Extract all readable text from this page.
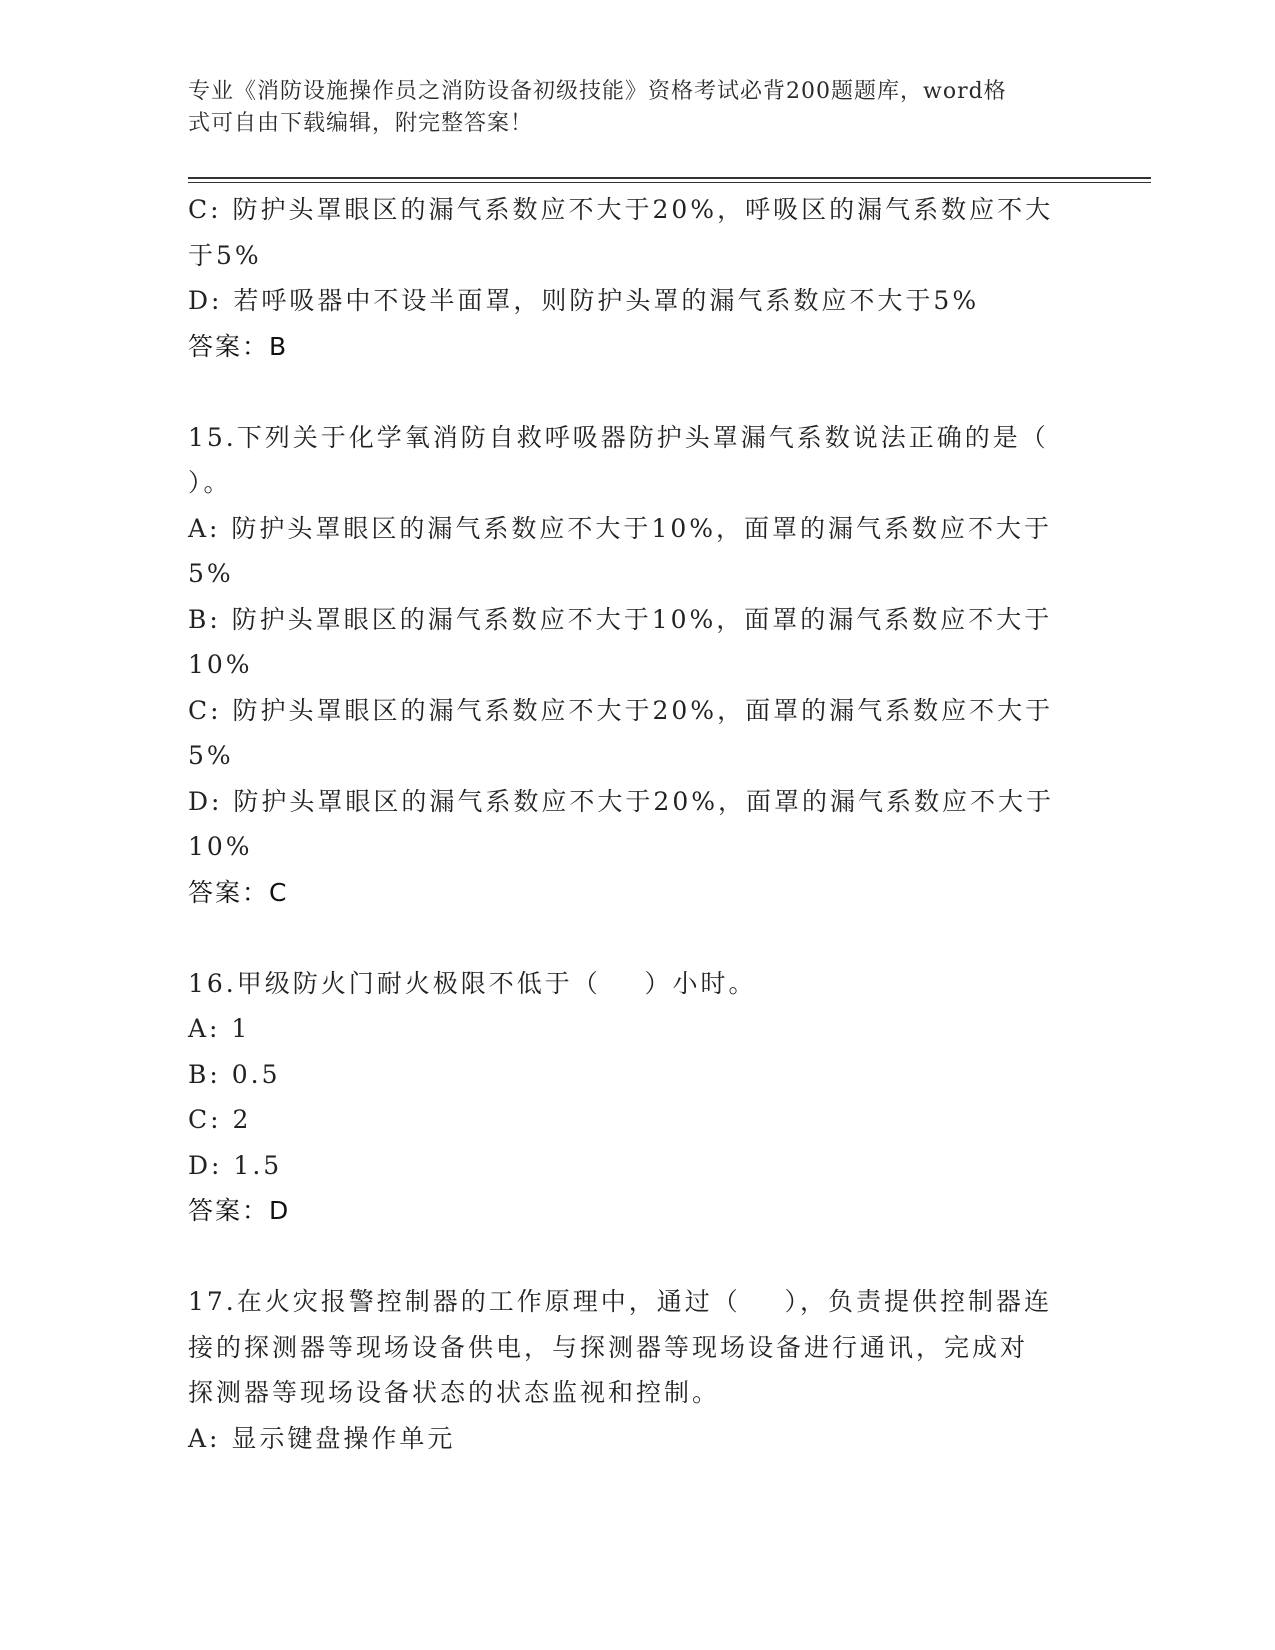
专业《消防设施操作员之消防设备初级技能》资格考试必背200题题库，word格
式可自由下载编辑，附完整答案！
C: 防护头罩眼区的漏气系数应不大于20%，呼吸区的漏气系数应不大
于5%
D: 若呼吸器中不设半面罩，则防护头罩的漏气系数应不大于5%
答案：B
15.下列关于化学氧消防自救呼吸器防护头罩漏气系数说法正确的是（
）。
A: 防护头罩眼区的漏气系数应不大于10%，面罩的漏气系数应不大于
5%
B: 防护头罩眼区的漏气系数应不大于10%，面罩的漏气系数应不大于
10%
C: 防护头罩眼区的漏气系数应不大于20%，面罩的漏气系数应不大于
5%
D: 防护头罩眼区的漏气系数应不大于20%，面罩的漏气系数应不大于
10%
答案：C
16.甲级防火门耐火极限不低于（    ）小时。
A: 1
B: 0.5
C: 2
D: 1.5
答案：D
17.在火灾报警控制器的工作原理中，通过（    ），负责提供控制器连
接的探测器等现场设备供电，与探测器等现场设备进行通讯，完成对
探测器等现场设备状态的状态监视和控制。
A: 显示键盘操作单元
